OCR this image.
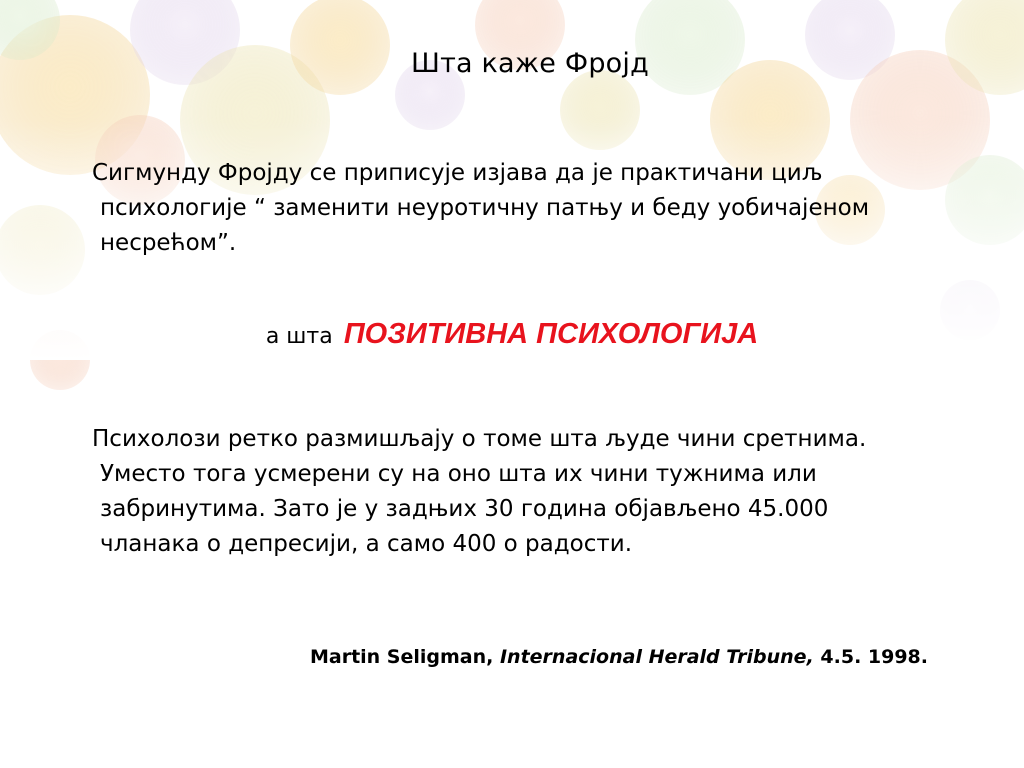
Шта каже Фројд
Сигмунду Фројду се приписује изјава да је практичани циљ психологије “ заменити неуротичну патњу и беду уобичајеном несрећом”.
а шта ПОЗИТИВНА ПСИХОЛОГИЈА
Психолози ретко размишљају о томе шта људе чини сретнима. Уместо тога усмерени су на оно шта их чини тужнима или забринутима. Зато је у задњих 30 година објављено 45.000 чланака о депресији, а само 400 о радости.
Martin Seligman, Internacional Herald Tribune, 4.5. 1998.
